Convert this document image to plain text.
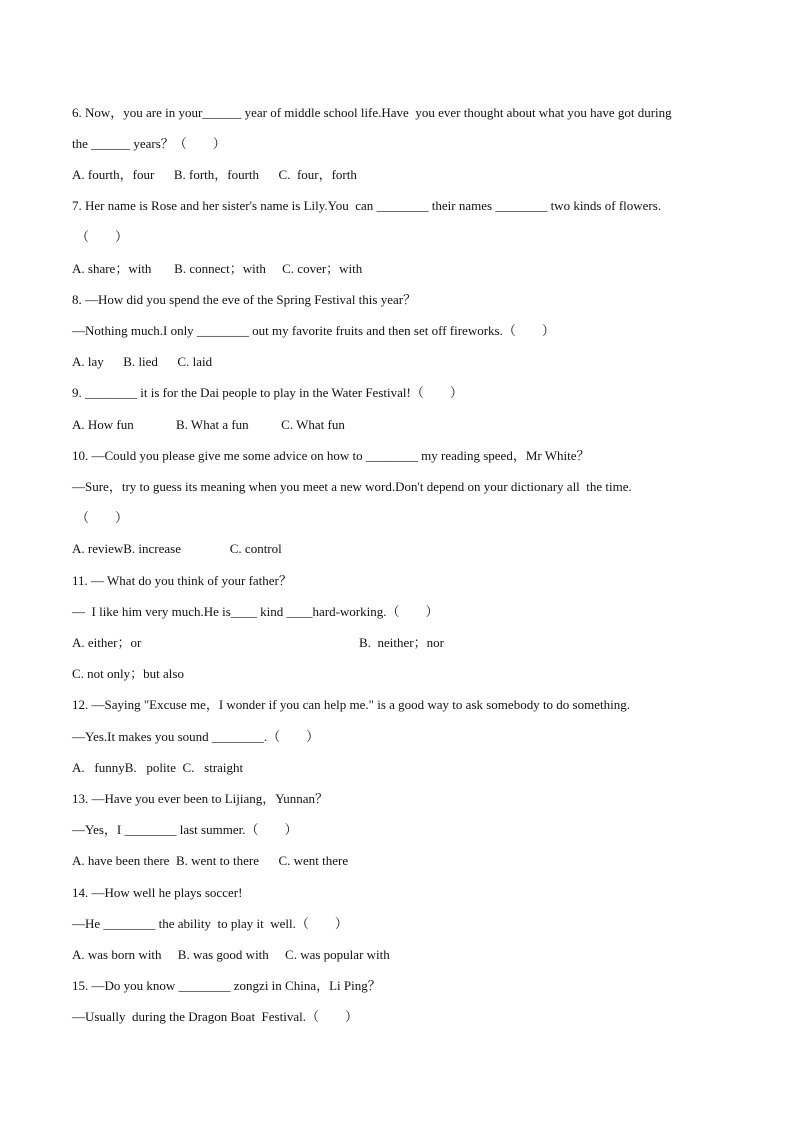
6. Now，you are in your______ year of middle school life.Have  you ever thought about what you have got during
the ______ years？（        ）
A. fourth，four      B. forth，fourth      C.  four，forth
7. Her name is Rose and her sister's name is Lily.You  can ________ their names ________ two kinds of flowers.
（        ）
A. share；with       B. connect；with     C. cover；with
8. —How did you spend the eve of the Spring Festival this year？
—Nothing much.I only ________ out my favorite fruits and then set off fireworks.（        ）
A. lay      B. lied      C. laid
9. ________ it is for the Dai people to play in the Water Festival!（        ）
A. How fun             B. What a fun          C. What fun
10. —Could you please give me some advice on how to ________ my reading speed，Mr White？
—Sure，try to guess its meaning when you meet a new word.Don't depend on your dictionary all  the time.
（        ）
A. reviewB. increase               C. control
11. — What do you think of your father？
—  I like him very much.He is____ kind ____hard-working.（        ）
A. either；or                                                                   B.  neither；nor
C. not only；but also
12. —Saying "Excuse me，I wonder if you can help me." is a good way to ask somebody to do something.
—Yes.It makes you sound ________.（        ）
A.   funnyB.   polite  C.   straight
13. —Have you ever been to Lijiang，Yunnan？
—Yes，I ________ last summer.（        ）
A. have been there  B. went to there      C. went there
14. —How well he plays soccer!
—He ________ the ability  to play it  well.（        ）
A. was born with     B. was good with     C. was popular with
15. —Do you know ________ zongzi in China，Li Ping？
—Usually  during the Dragon Boat  Festival.（        ）
